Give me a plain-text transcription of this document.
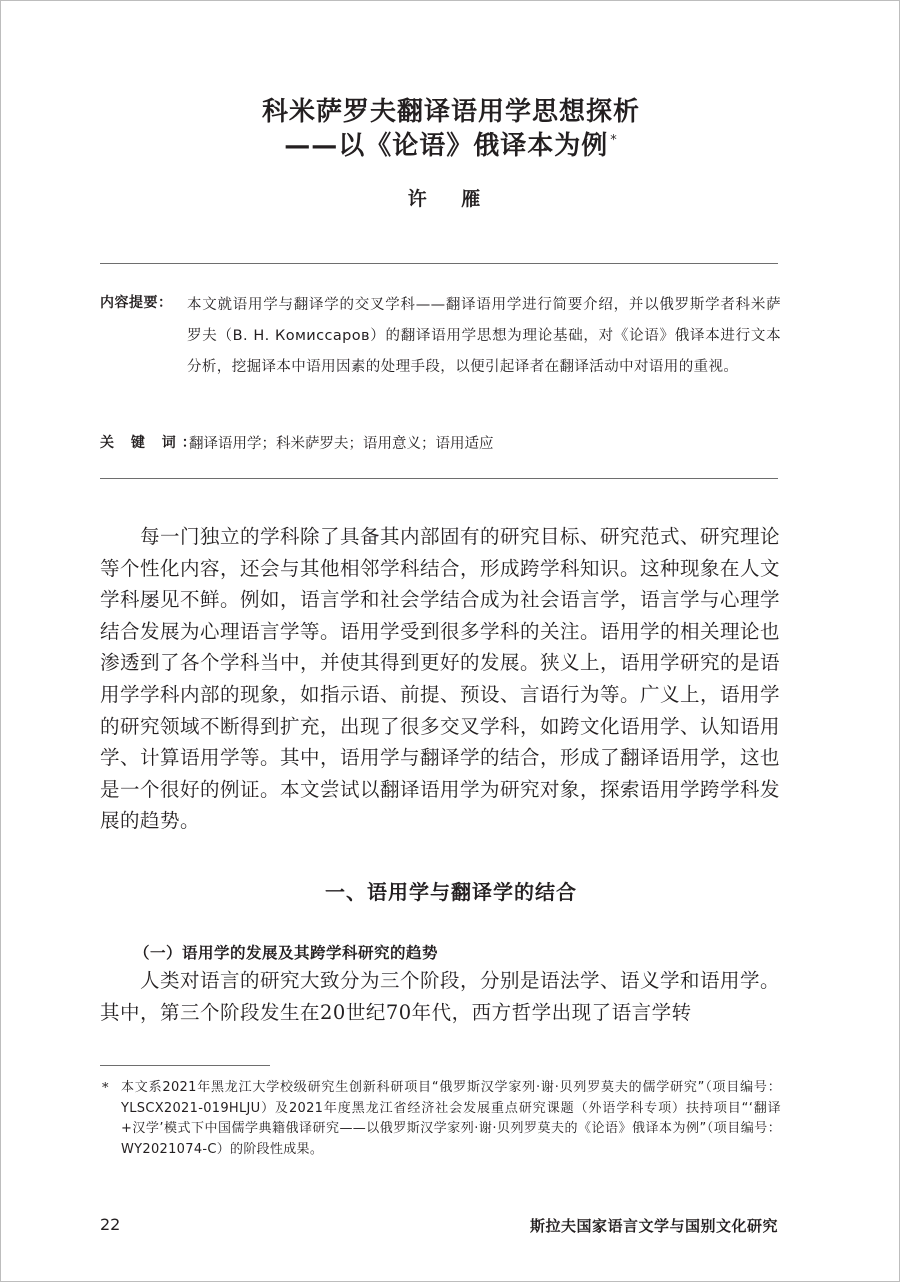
科米萨罗夫翻译语用学思想探析
——以《论语》俄译本为例 *
许 雁
内容提要： 本文就语用学与翻译学的交叉学科——翻译语用学进行简要介绍，并以俄罗斯学者科米萨罗夫（В. Н. Комиссаров）的翻译语用学思想为理论基础，对《论语》俄译本进行文本分析，挖掘译本中语用因素的处理手段，以便引起译者在翻译活动中对语用的重视。
关 键 词：
翻译语用学；科米萨罗夫；语用意义；语用适应
每一门独立的学科除了具备其内部固有的研究目标、研究范式、研究理论等个性化内容，还会与其他相邻学科结合，形成跨学科知识。这种现象在人文学科屡见不鲜。例如，语言学和社会学结合成为社会语言学，语言学与心理学结合发展为心理语言学等。语用学受到很多学科的关注。语用学的相关理论也渗透到了各个学科当中，并使其得到更好的发展。狭义上，语用学研究的是语用学学科内部的现象，如指示语、前提、预设、言语行为等。广义上，语用学的研究领域不断得到扩充，出现了很多交叉学科，如跨文化语用学、认知语用学、计算语用学等。其中，语用学与翻译学的结合，形成了翻译语用学，这也是一个很好的例证。本文尝试以翻译语用学为研究对象，探索语用学跨学科发展的趋势。
一、语用学与翻译学的结合
（一）语用学的发展及其跨学科研究的趋势
人类对语言的研究大致分为三个阶段，分别是语法学、语义学和语用学。其中，第三个阶段发生在20世纪70年代，西方哲学出现了语言学转
* 本文系2021年黑龙江大学校级研究生创新科研项目“俄罗斯汉学家列·谢·贝列罗莫夫的儒学研究”（项目编号：YLSCX2021-019HLJU）及2021年度黑龙江省经济社会发展重点研究课题（外语学科专项）扶持项目“‘翻译+汉学’模式下中国儒学典籍俄译研究——以俄罗斯汉学家列·谢·贝列罗莫夫的《论语》俄译本为例”（项目编号：WY2021074-C）的阶段性成果。
22	斯拉夫国家语言文学与国别文化研究
